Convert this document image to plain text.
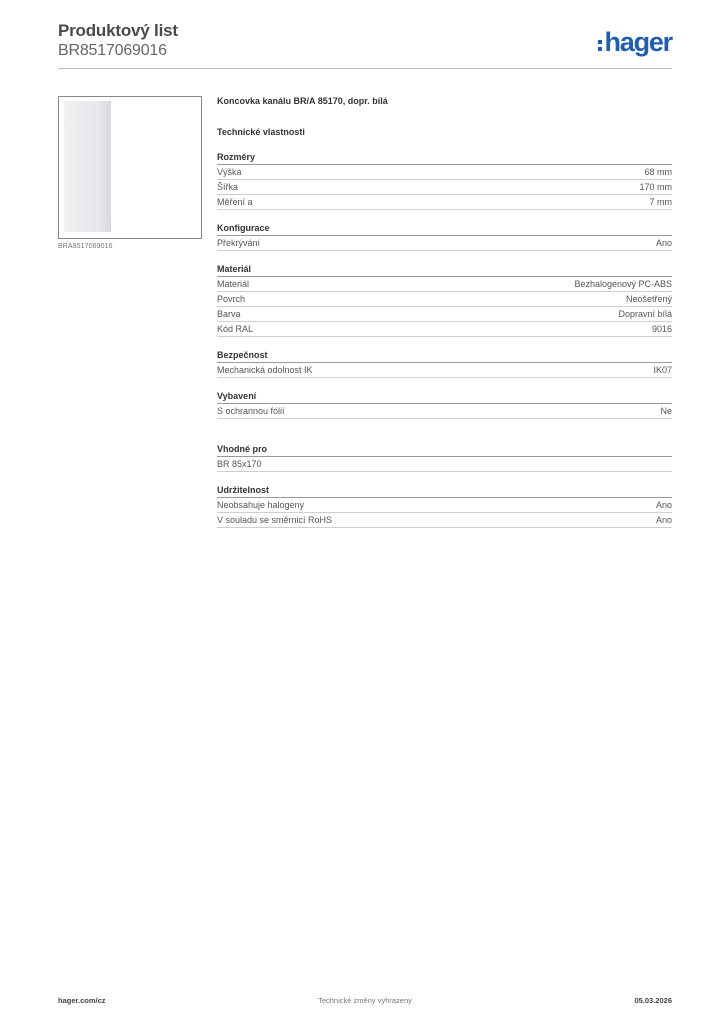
Produktový list
BR8517069016	hager
BRA8517069016
Koncovka kanálu BR/A 85170, dopr. bílá
Technické vlastnosti
Rozměry
Výška	68 mm
Šířka	170 mm
Měření a	7 mm
Konfigurace
Překrývání	Ano
Materiál
Materiál	Bezhalogenový PC-ABS
Povrch	Neošetřený
Barva	Dopravní bílá
Kód RAL	9016
Bezpečnost
Mechanická odolnost IK	IK07
Vybavení
S ochrannou fólií	Ne
Vhodné pro
BR 85x170
Udržitelnost
Neobsahuje halogeny	Ano
V souladu se směrnicí RoHS	Ano
hager.com/cz	Technické změny vyhrazeny	05.03.2026
